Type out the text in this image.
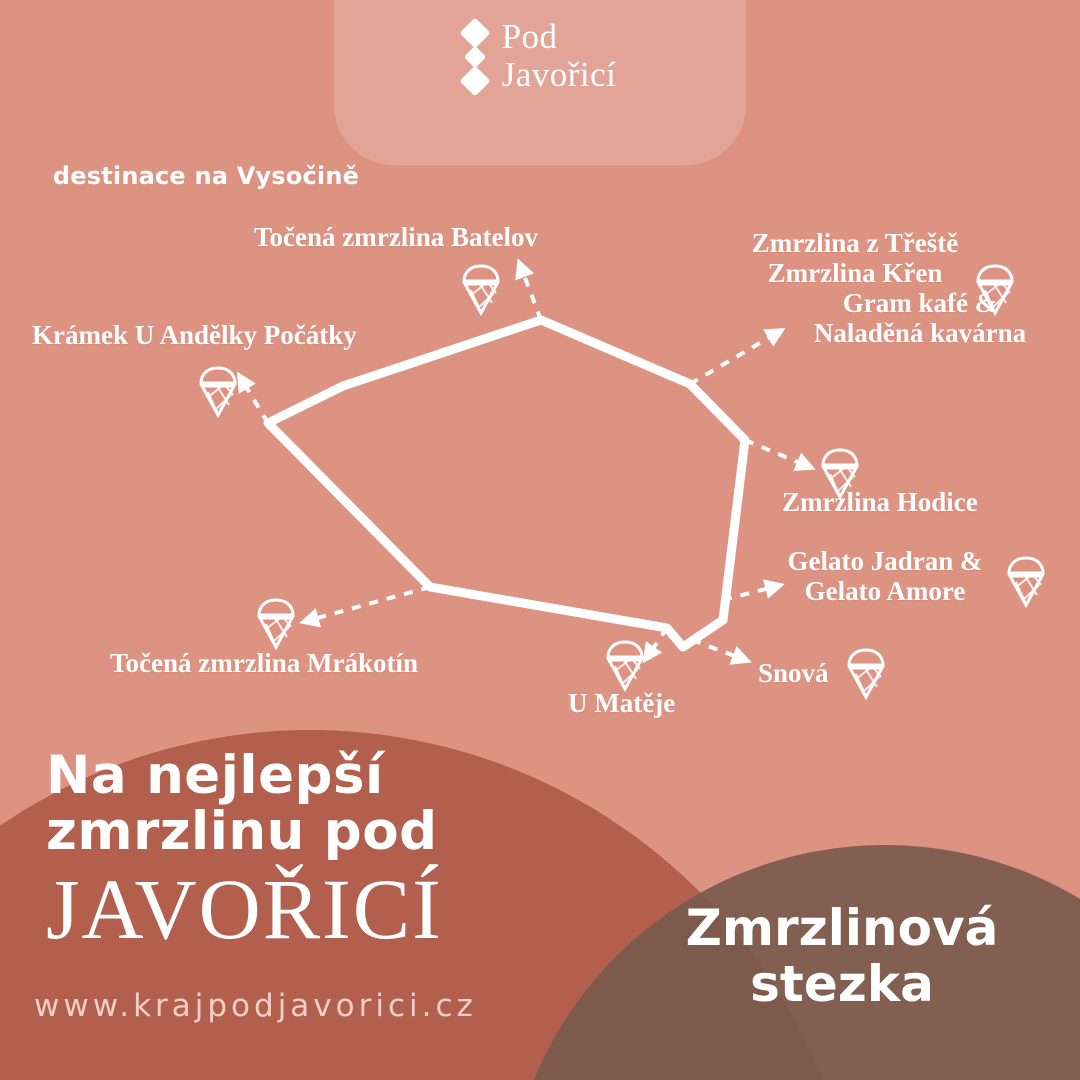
Pod
Javořicí
destinace na Vysočině
Točená zmrzlina Batelov	Zmrzlina z Třeště
Zmrzlina Křen
Gram kafé &
Naladěná kavárna
Krámek U Andělky Počátky
Zmrzlina Hodice
Gelato Jadran &
Gelato Amore
Točená zmrzlina Mrákotín
U Matěje
Snová
Na nejlepší
zmrzlinu pod
JAVOŘICÍ
www.krajpodjavorici.cz
Zmrzlinová
stezka
